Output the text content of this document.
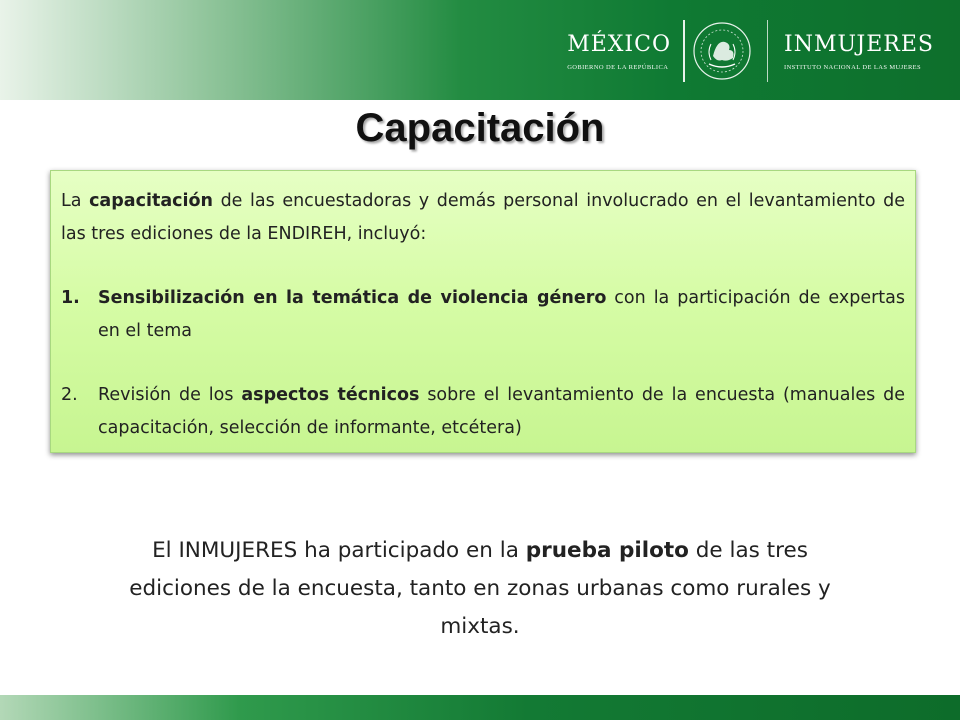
MÉXICO
GOBIERNO DE LA REPÚBLICA
INMUJERES
INSTITUTO NACIONAL DE LAS MUJERES
Capacitación

La capacitación de las encuestadoras y demás personal involucrado en el levantamiento de las tres ediciones de la ENDIREH, incluyó:

1.	Sensibilización en la temática de violencia género con la participación de expertas en el tema
2.	Revisión de los aspectos técnicos sobre el levantamiento de la encuesta (manuales de capacitación, selección de informante, etcétera)
El INMUJERES ha participado en la prueba piloto de las tres ediciones de la encuesta, tanto en zonas urbanas como rurales y mixtas.
